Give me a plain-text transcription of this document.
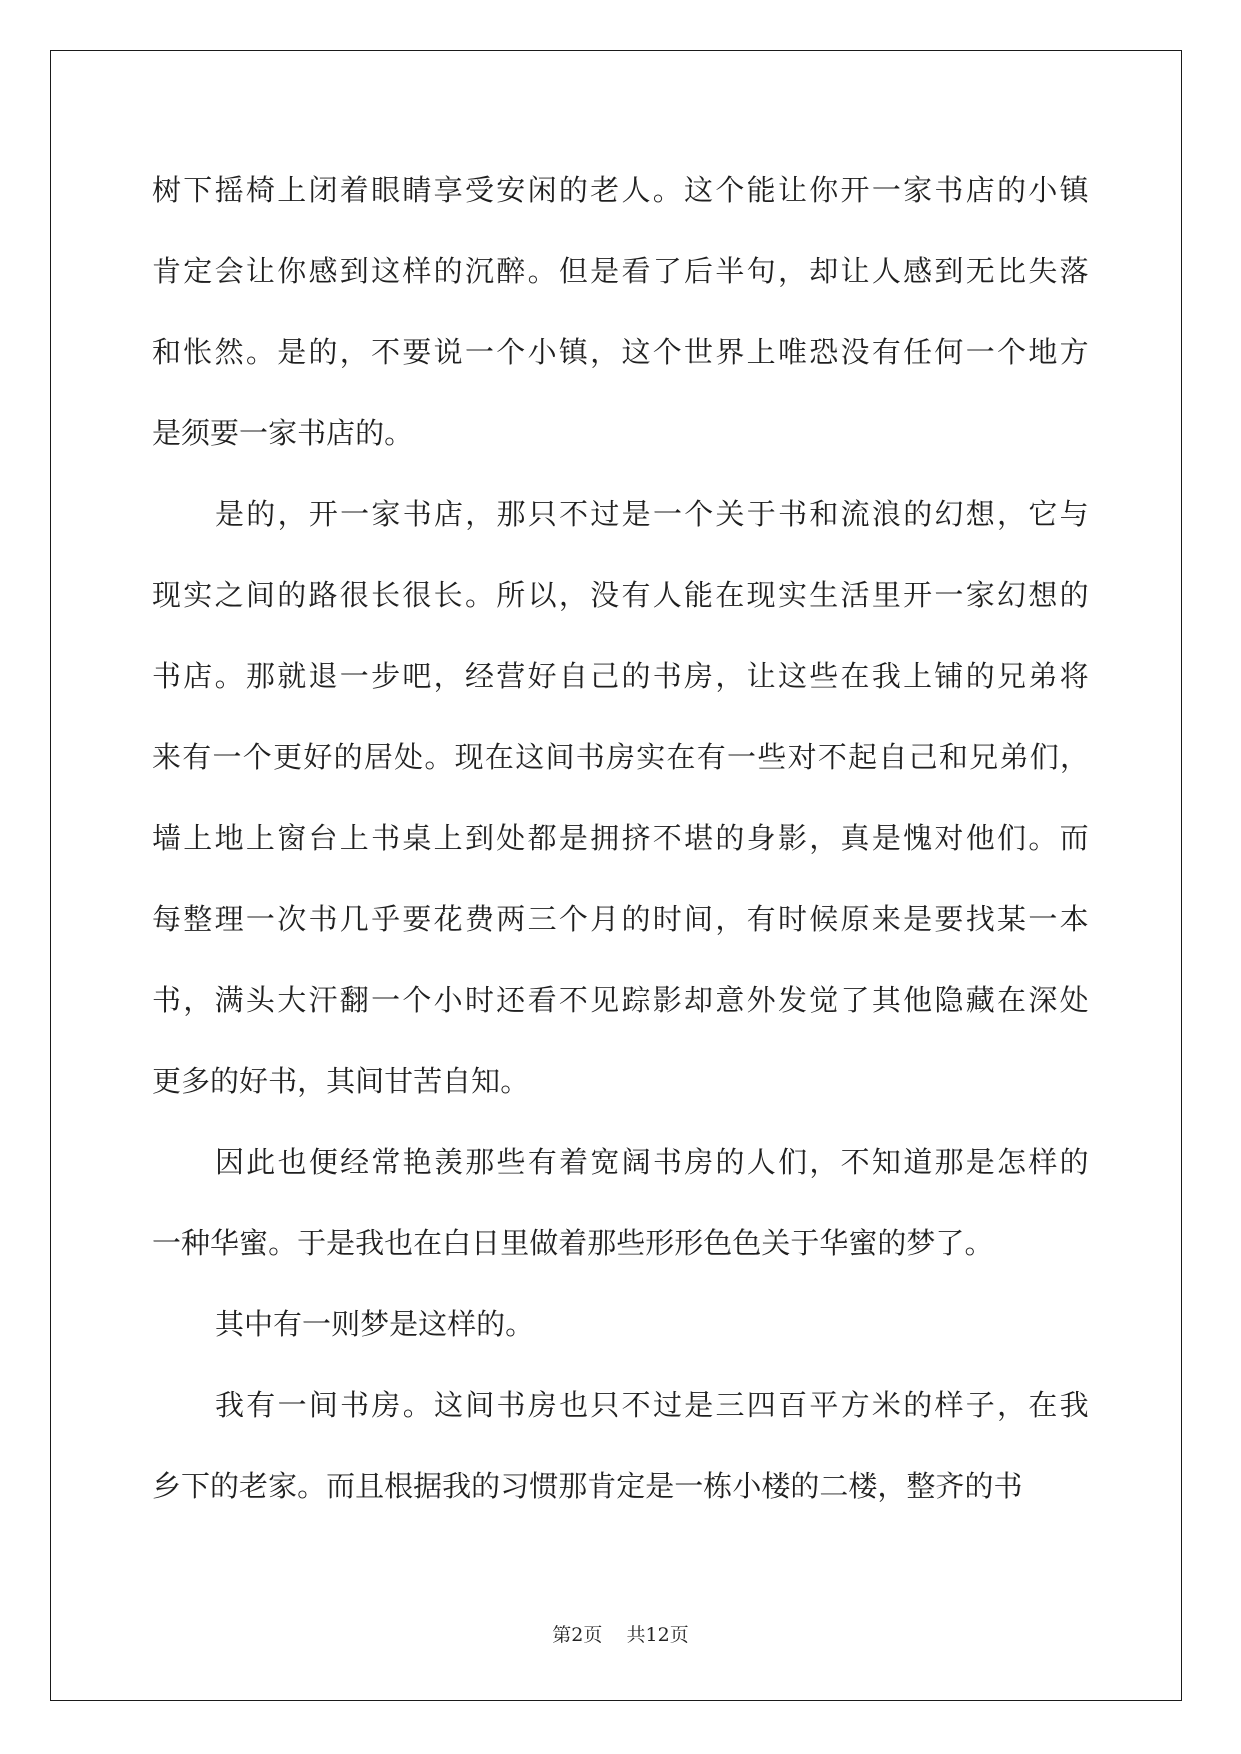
树 下 摇 椅 上 闭 着 眼 睛 享 受 安 闲 的 老 人 。 这 个 能 让 你 开 一 家 书 店 的 小 镇
肯 定 会 让 你 感 到 这 样 的 沉 醉 。 但 是 看 了 后 半 句 ， 却 让 人 感 到 无 比 失 落
和 怅 然 。 是 的 ， 不 要 说 一 个 小 镇 ， 这 个 世 界 上 唯 恐 没 有 任 何 一 个 地 方
是 须 要 一 家 书 店 的 。
是 的 ， 开 一 家 书 店 ， 那 只 不 过 是 一 个 关 于 书 和 流 浪 的 幻 想 ， 它 与
现 实 之 间 的 路 很 长 很 长 。 所 以 ， 没 有 人 能 在 现 实 生 活 里 开 一 家 幻 想 的
书 店 。 那 就 退 一 步 吧 ， 经 营 好 自 己 的 书 房 ， 让 这 些 在 我 上 铺 的 兄 弟 将
来 有 一 个 更 好 的 居 处 。 现 在 这 间 书 房 实 在 有 一 些 对 不 起 自 己 和 兄 弟 们 ，
墙 上 地 上 窗 台 上 书 桌 上 到 处 都 是 拥 挤 不 堪 的 身 影 ， 真 是 愧 对 他 们 。 而
每 整 理 一 次 书 几 乎 要 花 费 两 三 个 月 的 时 间 ， 有 时 候 原 来 是 要 找 某 一 本
书 ， 满 头 大 汗 翻 一 个 小 时 还 看 不 见 踪 影 却 意 外 发 觉 了 其 他 隐 藏 在 深 处
更 多 的 好 书 ， 其 间 甘 苦 自 知 。
因 此 也 便 经 常 艳 羡 那 些 有 着 宽 阔 书 房 的 人 们 ， 不 知 道 那 是 怎 样 的
一 种 华 蜜 。 于 是 我 也 在 白 日 里 做 着 那 些 形 形 色 色 关 于 华 蜜 的 梦 了 。
其 中 有 一 则 梦 是 这 样 的 。
我 有 一 间 书 房 。 这 间 书 房 也 只 不 过 是 三 四 百 平 方 米 的 样 子 ， 在 我
乡 下 的 老 家 。 而 且 根 据 我 的 习 惯 那 肯 定 是 一 栋 小 楼 的 二 楼 ， 整 齐 的 书
第2页 共12页
